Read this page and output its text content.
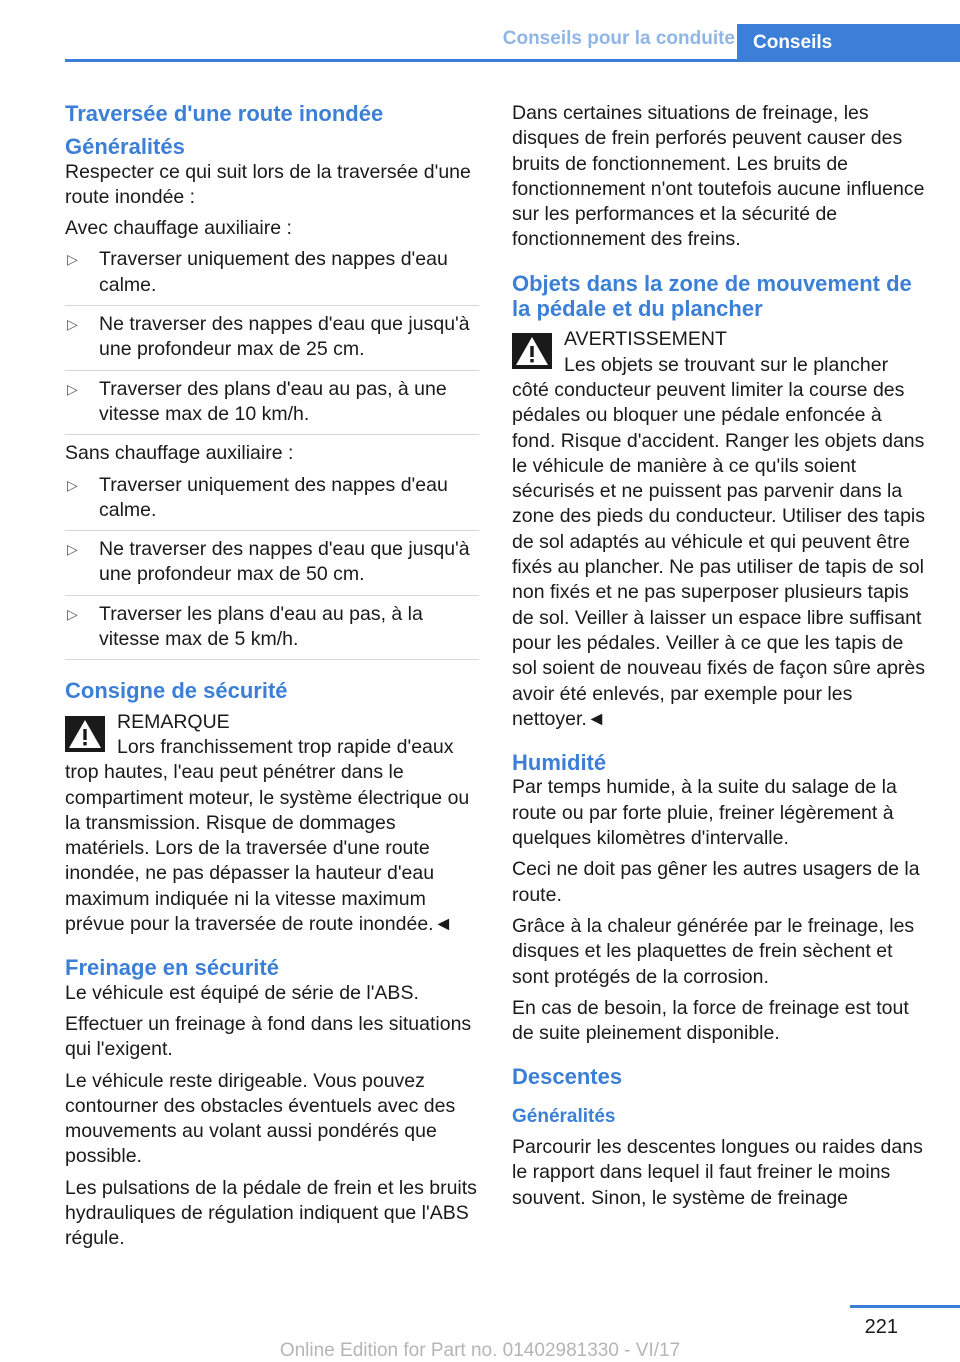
Conseils pour la conduite Conseils
Traversée d'une route inondée
Généralités

Respecter ce qui suit lors de la traversée d'une route inondée :

Avec chauffage auxiliaire :

▷ Traverser uniquement des nappes d'eau calme.
▷ Ne traverser des nappes d'eau que jusqu'à une profondeur max de 25 cm.
▷ Traverser des plans d'eau au pas, à une vitesse max de 10 km/h.

Sans chauffage auxiliaire :

▷ Traverser uniquement des nappes d'eau calme.
▷ Ne traverser des nappes d'eau que jusqu'à une profondeur max de 50 cm.
▷ Traverser les plans d'eau au pas, à la vitesse max de 5 km/h.
Consigne de sécurité
REMARQUE
Lors franchissement trop rapide d'eaux trop hautes, l'eau peut pénétrer dans le compartiment moteur, le système électrique ou la transmission. Risque de dommages matériels. Lors de la traversée d'une route inondée, ne pas dépasser la hauteur d'eau maximum indiquée ni la vitesse maximum prévue pour la traversée de route inondée.◄
Freinage en sécurité

Le véhicule est équipé de série de l'ABS.

Effectuer un freinage à fond dans les situations qui l'exigent.

Le véhicule reste dirigeable. Vous pouvez contourner des obstacles éventuels avec des mouvements au volant aussi pondérés que possible.

Les pulsations de la pédale de frein et les bruits hydrauliques de régulation indiquent que l'ABS régule.

Dans certaines situations de freinage, les disques de frein perforés peuvent causer des bruits de fonctionnement. Les bruits de fonctionnement n'ont toutefois aucune influence sur les performances et la sécurité de fonctionnement des freins.

Objets dans la zone de mouvement de la pédale et du plancher
AVERTISSEMENT
Les objets se trouvant sur le plancher côté conducteur peuvent limiter la course des pédales ou bloquer une pédale enfoncée à fond. Risque d'accident. Ranger les objets dans le véhicule de manière à ce qu'ils soient sécurisés et ne puissent pas parvenir dans la zone des pieds du conducteur. Utiliser des tapis de sol adaptés au véhicule et qui peuvent être fixés au plancher. Ne pas utiliser de tapis de sol non fixés et ne pas superposer plusieurs tapis de sol. Veiller à laisser un espace libre suffisant pour les pédales. Veiller à ce que les tapis de sol soient de nouveau fixés de façon sûre après avoir été enlevés, par exemple pour les nettoyer.◄
Humidité

Par temps humide, à la suite du salage de la route ou par forte pluie, freiner légèrement à quelques kilomètres d'intervalle.

Ceci ne doit pas gêner les autres usagers de la route.

Grâce à la chaleur générée par le freinage, les disques et les plaquettes de frein sèchent et sont protégés de la corrosion.

En cas de besoin, la force de freinage est tout de suite pleinement disponible.

Descentes
Généralités

Parcourir les descentes longues ou raides dans le rapport dans lequel il faut freiner le moins souvent. Sinon, le système de freinage

221
Online Edition for Part no. 01402981330 - VI/17
